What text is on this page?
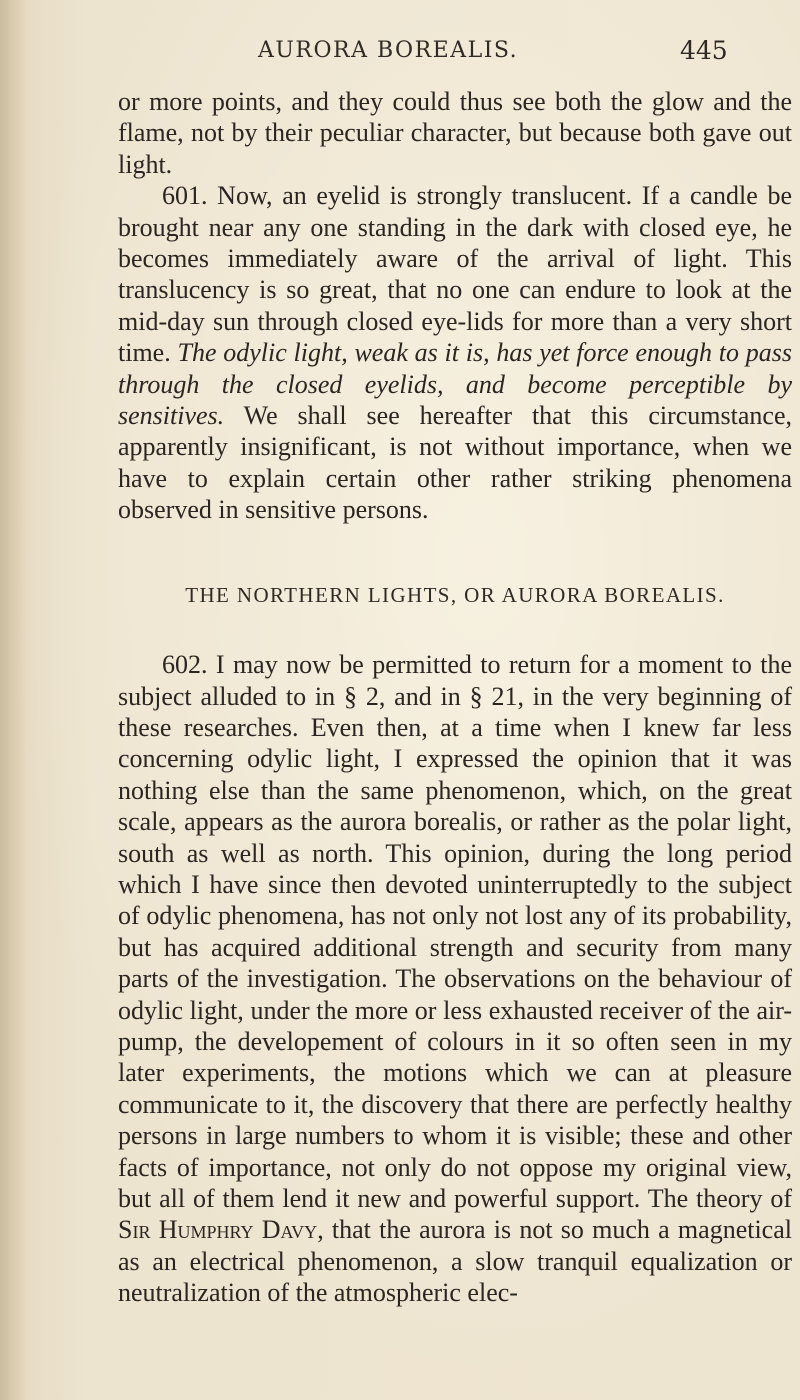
AURORA BOREALIS.	445

or more points, and they could thus see both the glow and the flame, not by their peculiar character, but because both gave out light.

601. Now, an eyelid is strongly translucent. If a candle be brought near any one standing in the dark with closed eye, he becomes immediately aware of the arrival of light. This translucency is so great, that no one can endure to look at the mid-day sun through closed eye-lids for more than a very short time. The odylic light, weak as it is, has yet force enough to pass through the closed eyelids, and become perceptible by sensitives. We shall see hereafter that this circumstance, apparently insignificant, is not without importance, when we have to explain certain other rather striking phenomena observed in sensitive persons.

THE NORTHERN LIGHTS, OR AURORA BOREALIS.

602. I may now be permitted to return for a moment to the subject alluded to in § 2, and in § 21, in the very beginning of these researches. Even then, at a time when I knew far less concerning odylic light, I expressed the opinion that it was nothing else than the same phenomenon, which, on the great scale, appears as the aurora borealis, or rather as the polar light, south as well as north. This opinion, during the long period which I have since then devoted uninterruptedly to the subject of odylic phenomena, has not only not lost any of its probability, but has acquired additional strength and security from many parts of the investigation. The observations on the behaviour of odylic light, under the more or less exhausted receiver of the air-pump, the developement of colours in it so often seen in my later experiments, the motions which we can at pleasure communicate to it, the discovery that there are perfectly healthy persons in large numbers to whom it is visible; these and other facts of importance, not only do not oppose my original view, but all of them lend it new and powerful support. The theory of Sir Humphry Davy, that the aurora is not so much a magnetical as an electrical phenomenon, a slow tranquil equalization or neutralization of the atmospheric elec-
